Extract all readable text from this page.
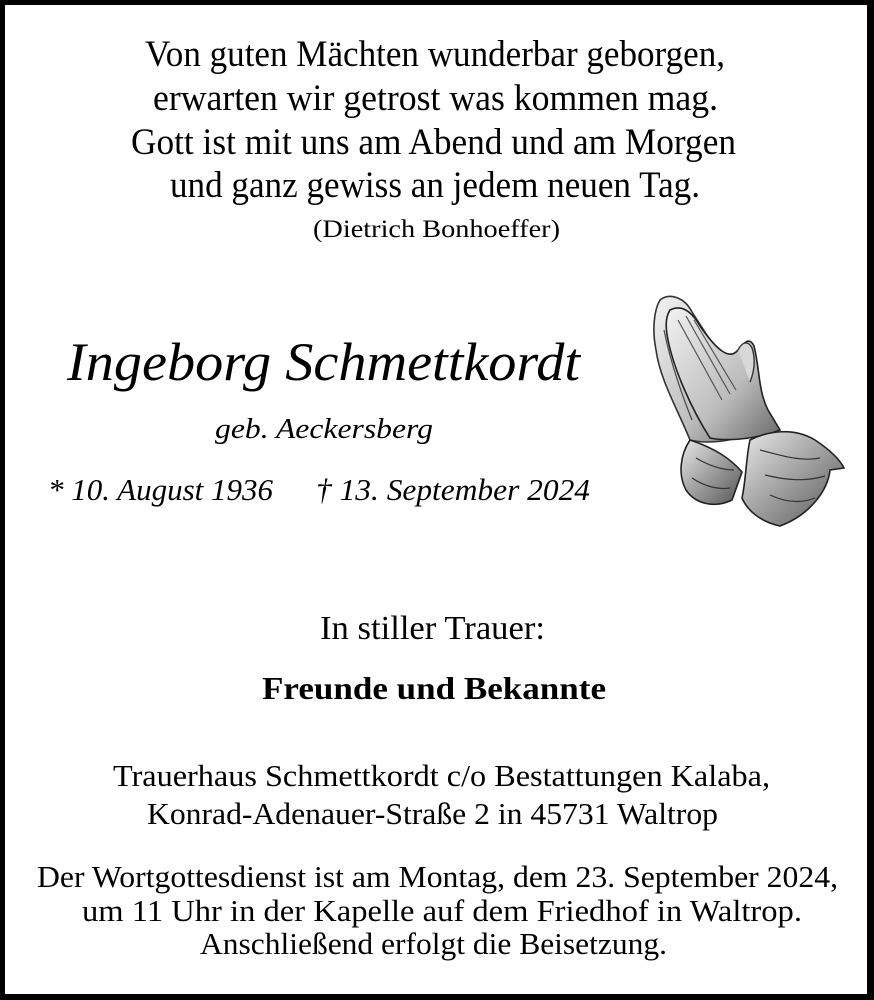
Von guten Mächten wunderbar geborgen,
erwarten wir getrost was kommen mag.
Gott ist mit uns am Abend und am Morgen
und ganz gewiss an jedem neuen Tag.
(Dietrich Bonhoeffer)
Ingeborg Schmettkordt
geb. Aeckersberg
* 10. August 1936 † 13. September 2024
In stiller Trauer:
Freunde und Bekannte
Trauerhaus Schmettkordt c/o Bestattungen Kalaba,
Konrad-Adenauer-Straße 2 in 45731 Waltrop
Der Wortgottesdienst ist am Montag, dem 23. September 2024,
um 11 Uhr in der Kapelle auf dem Friedhof in Waltrop.
Anschließend erfolgt die Beisetzung.
